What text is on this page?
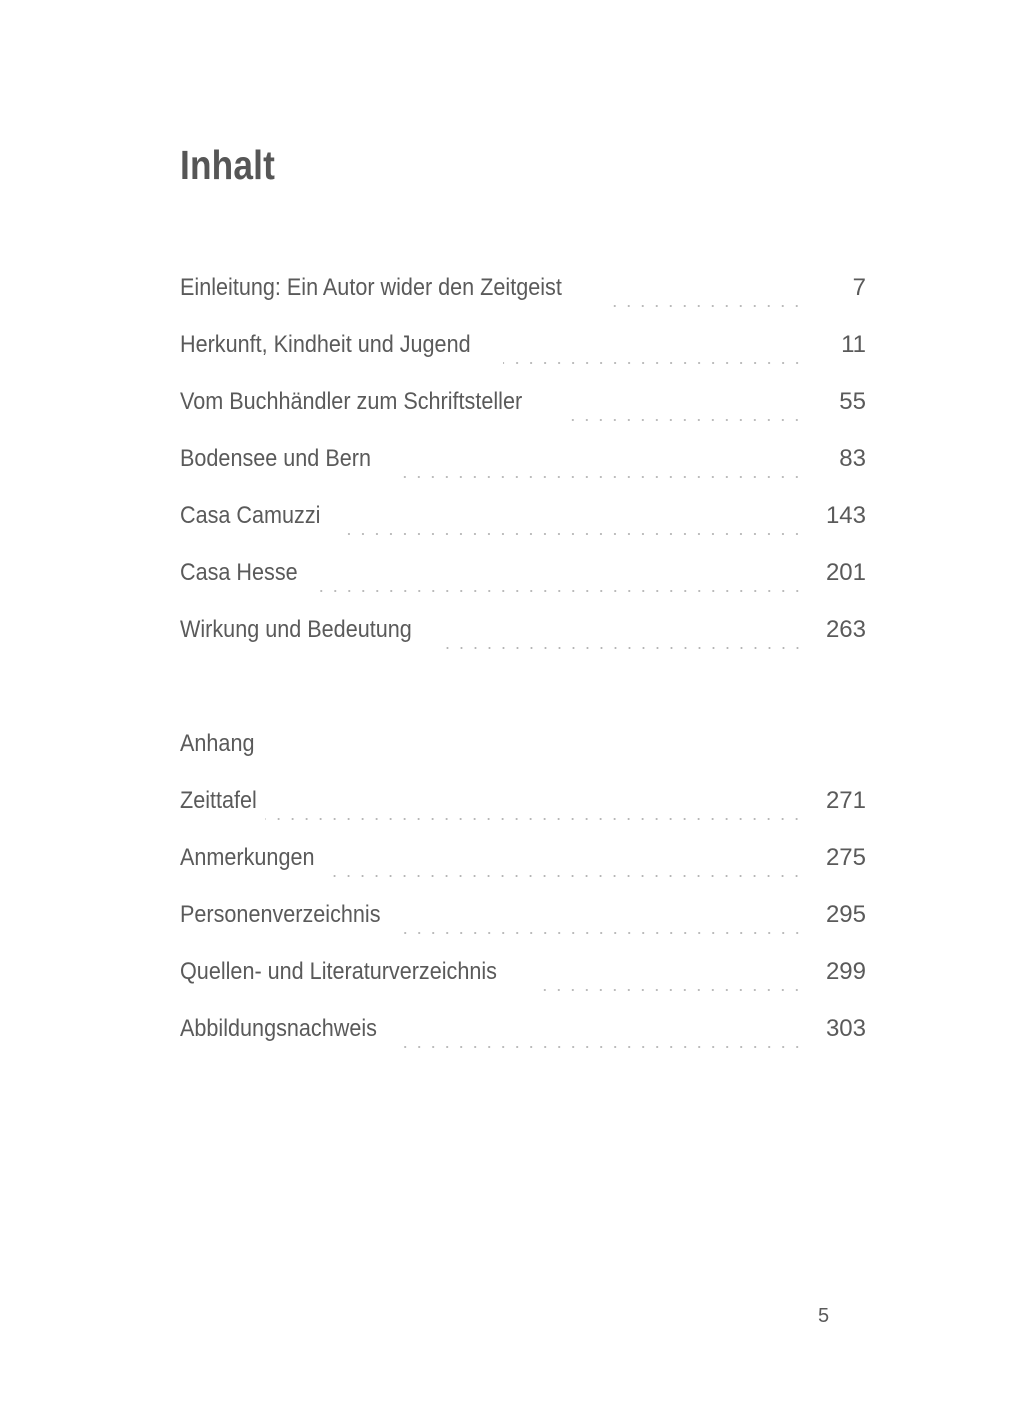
Inhalt
Einleitung: Ein Autor wider den Zeitgeist	7
Herkunft, Kindheit und Jugend	11
Vom Buchhändler zum Schriftsteller	55
Bodensee und Bern	83
Casa Camuzzi	143
Casa Hesse	201
Wirkung und Bedeutung	263
Anhang
Zeittafel	271
Anmerkungen	275
Personenverzeichnis	295
Quellen- und Literaturverzeichnis	299
Abbildungsnachweis	303
5
